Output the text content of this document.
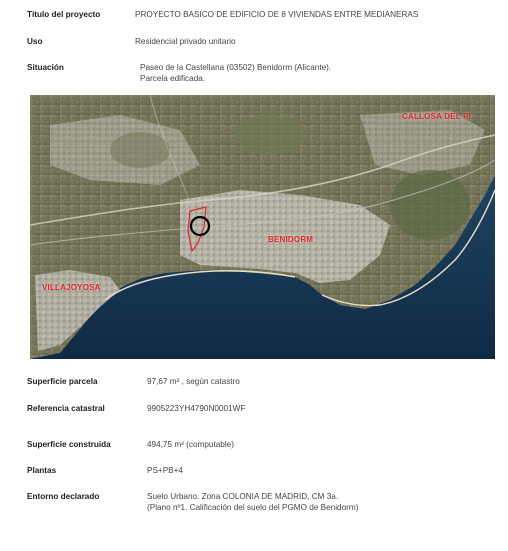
Título del proyecto	PROYECTO BASICO DE EDIFICIO DE 8 VIVIENDAS ENTRE MEDIANERAS
Uso	Residencial privado unitario
Situación	Paseo de la Castellana (03502) Benidorm (Alicante).
Parcela edificada.
VILLAJOYOSA
BENIDORM
CALLOSA DEL PI
Superficie parcela	97,67 m² , según catastro
Referencia catastral	9905223YH4790N0001WF
Superficie construida	494,75 m² (computable)
Plantas	PS+PB+4
Entorno declarado	Suelo Urbano. Zona COLONIA DE MADRID, CM 3a.
(Plano nº1. Calificación del suelo del PGMO de Benidorm)
